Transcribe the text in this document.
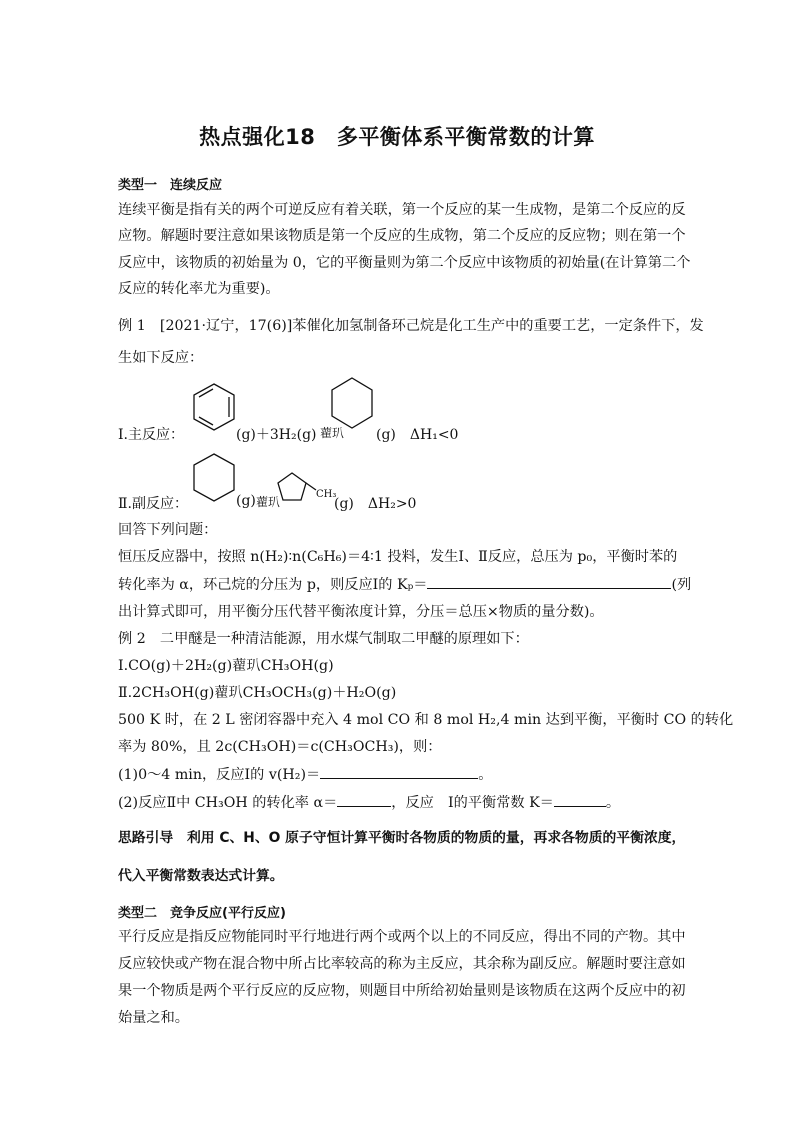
热点强化18　多平衡体系平衡常数的计算
类型一　连续反应
连续平衡是指有关的两个可逆反应有着关联，第一个反应的某一生成物，是第二个反应的反
应物。解题时要注意如果该物质是第一个反应的生成物，第二个反应的反应物；则在第一个
反应中，该物质的初始量为 0，它的平衡量则为第二个反应中该物质的初始量(在计算第二个
反应的转化率尤为重要)。
例 1　[2021·辽宁，17(6)]苯催化加氢制备环己烷是化工生产中的重要工艺，一定条件下，发
生如下反应：
Ⅰ.主反应：	(g)＋3H₂(g) 藋玐 (g)　ΔH₁<0
Ⅱ.副反应：	(g) 藋玐
CH₃
(g)　ΔH₂>0
回答下列问题：
恒压反应器中，按照 n(H₂)∶n(C₆H₆)＝4∶1 投料，发生Ⅰ、Ⅱ反应，总压为 p₀，平衡时苯的
转化率为 α，环己烷的分压为 p，则反应Ⅰ的 Kₚ＝	(列
出计算式即可，用平衡分压代替平衡浓度计算，分压＝总压×物质的量分数)。
例 2　二甲醚是一种清洁能源，用水煤气制取二甲醚的原理如下：
Ⅰ.CO(g)＋2H₂(g)藋玐CH₃OH(g)
Ⅱ.2CH₃OH(g)藋玐CH₃OCH₃(g)＋H₂O(g)
500 K 时，在 2 L 密闭容器中充入 4 mol CO 和 8 mol H₂,4 min 达到平衡，平衡时 CO 的转化
率为 80%，且 2c(CH₃OH)＝c(CH₃OCH₃)，则：
(1)0～4 min，反应Ⅰ的 v(H₂)＝	。
(2)反应Ⅱ中 CH₃OH 的转化率 α＝	，反应　Ⅰ的平衡常数 K＝	。
思路引导　利用 C、H、O 原子守恒计算平衡时各物质的物质的量，再求各物质的平衡浓度，
代入平衡常数表达式计算。
类型二　竞争反应(平行反应)
平行反应是指反应物能同时平行地进行两个或两个以上的不同反应，得出不同的产物。其中
反应较快或产物在混合物中所占比率较高的称为主反应，其余称为副反应。解题时要注意如
果一个物质是两个平行反应的反应物，则题目中所给初始量则是该物质在这两个反应中的初
始量之和。
